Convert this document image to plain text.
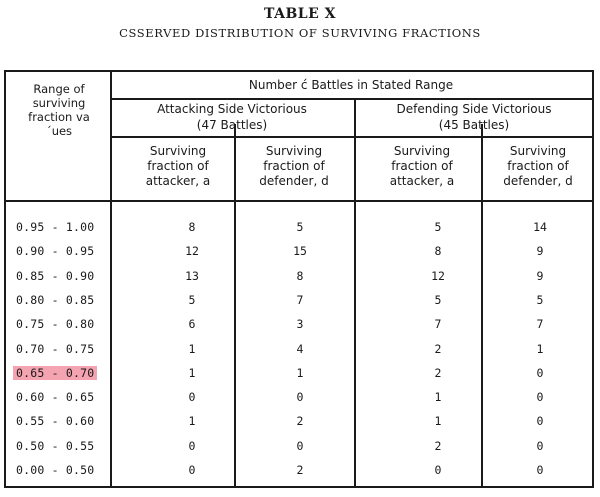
TABLE X
ϹSSERVED DISTRIBUTION OF SURVIVING FRACTIONS
Range of surviving fraction va´ues
Number ć Battles in Stated Range
Attacking Side Victorious
(47 Battles)
Defending Side Victorious
(45 Battles)
Surviving fraction of attacker, a
Surviving fraction of defender, d
Surviving fraction of attacker, a
Surviving fraction of defender, d
0.95 - 1.00	8	5	5	14
0.90 - 0.95	12	15	8	9
0.85 - 0.90	13	8	12	9
0.80 - 0.85	5	7	5	5
0.75 - 0.80	6	3	7	7
0.70 - 0.75	1	4	2	1
0.65 - 0.70	1	1	2	0
0.60 - 0.65	0	0	1	0
0.55 - 0.60	1	2	1	0
0.50 - 0.55	0	0	2	0
0.00 - 0.50	0	2	0	0
